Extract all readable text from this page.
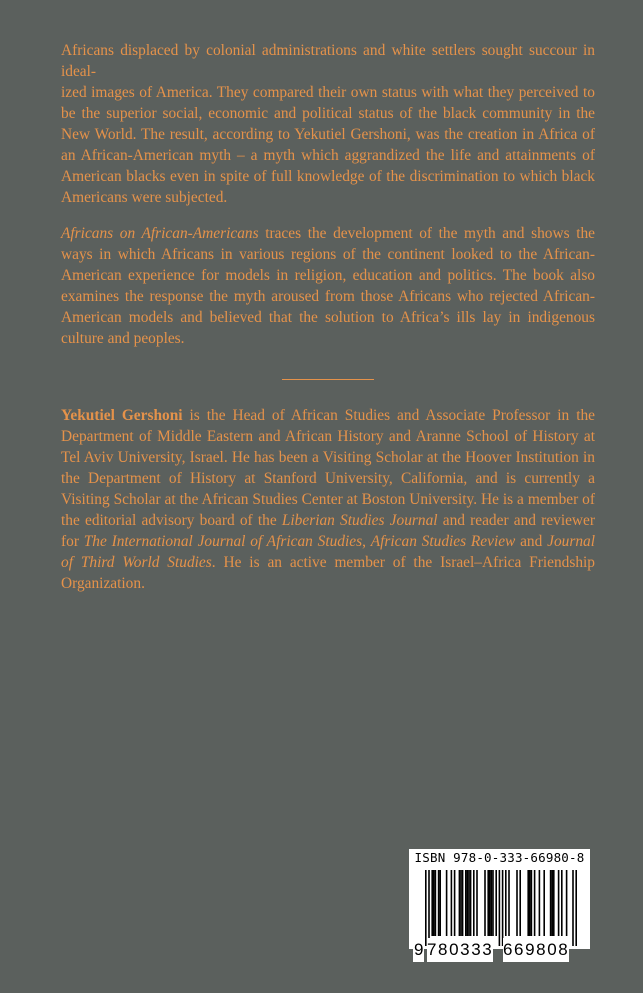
Africans displaced by colonial administrations and white settlers sought succour in ideal-
ized images of America. They compared their own status with what they perceived to be the superior social, economic and political status of the black community in the New World. The result, according to Yekutiel Gershoni, was the creation in Africa of an African-American myth – a myth which aggrandized the life and attainments of American blacks even in spite of full knowledge of the discrimination to which black Americans were subjected.

Africans on African-Americans traces the development of the myth and shows the ways in which Africans in various regions of the continent looked to the African-American experience for models in religion, education and politics. The book also examines the response the myth aroused from those Africans who rejected African-American models and believed that the solution to Africa’s ills lay in indigenous culture and peoples.

Yekutiel Gershoni is the Head of African Studies and Associate Professor in the Department of Middle Eastern and African History and Aranne School of History at Tel Aviv University, Israel. He has been a Visiting Scholar at the Hoover Institution in the Department of History at Stanford University, California, and is currently a Visiting Scholar at the African Studies Center at Boston University. He is a member of the editorial advisory board of the Liberian Studies Journal and reader and reviewer for The International Journal of African Studies, African Studies Review and Journal of Third World Studies. He is an active member of the Israel–Africa Friendship Organization.

ISBN 978-0-333-66980-8
9 780333 669808
